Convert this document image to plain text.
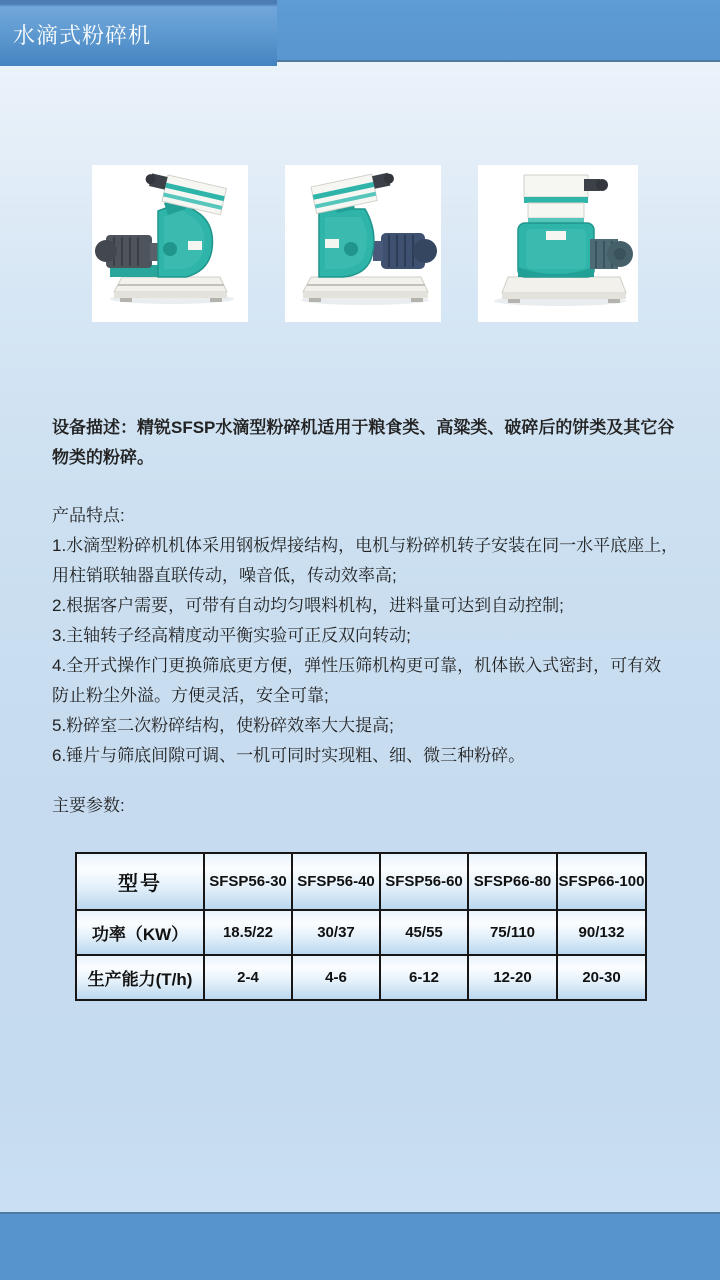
水滴式粉碎机
设备描述：精锐SFSP水滴型粉碎机适用于粮食类、高粱类、破碎后的饼类及其它谷
物类的粉碎。
产品特点:
1.水滴型粉碎机机体采用钢板焊接结构，电机与粉碎机转子安装在同一水平底座上，
用柱销联轴器直联传动，噪音低，传动效率高;
2.根据客户需要，可带有自动均匀喂料机构，进料量可达到自动控制;
3.主轴转子经高精度动平衡实验可正反双向转动;
4.全开式操作门更换筛底更方便，弹性压筛机构更可靠，机体嵌入式密封，可有效
防止粉尘外溢。方便灵活，安全可靠;
5.粉碎室二次粉碎结构，使粉碎效率大大提高;
6.锤片与筛底间隙可调、一机可同时实现粗、细、微三种粉碎。
主要参数:
型号	SFSP56-30	SFSP56-40	SFSP56-60	SFSP66-80	SFSP66-100
功率（KW）	18.5/22	30/37	45/55	75/110	90/132
生产能力(T/h)	2-4	4-6	6-12	12-20	20-30
